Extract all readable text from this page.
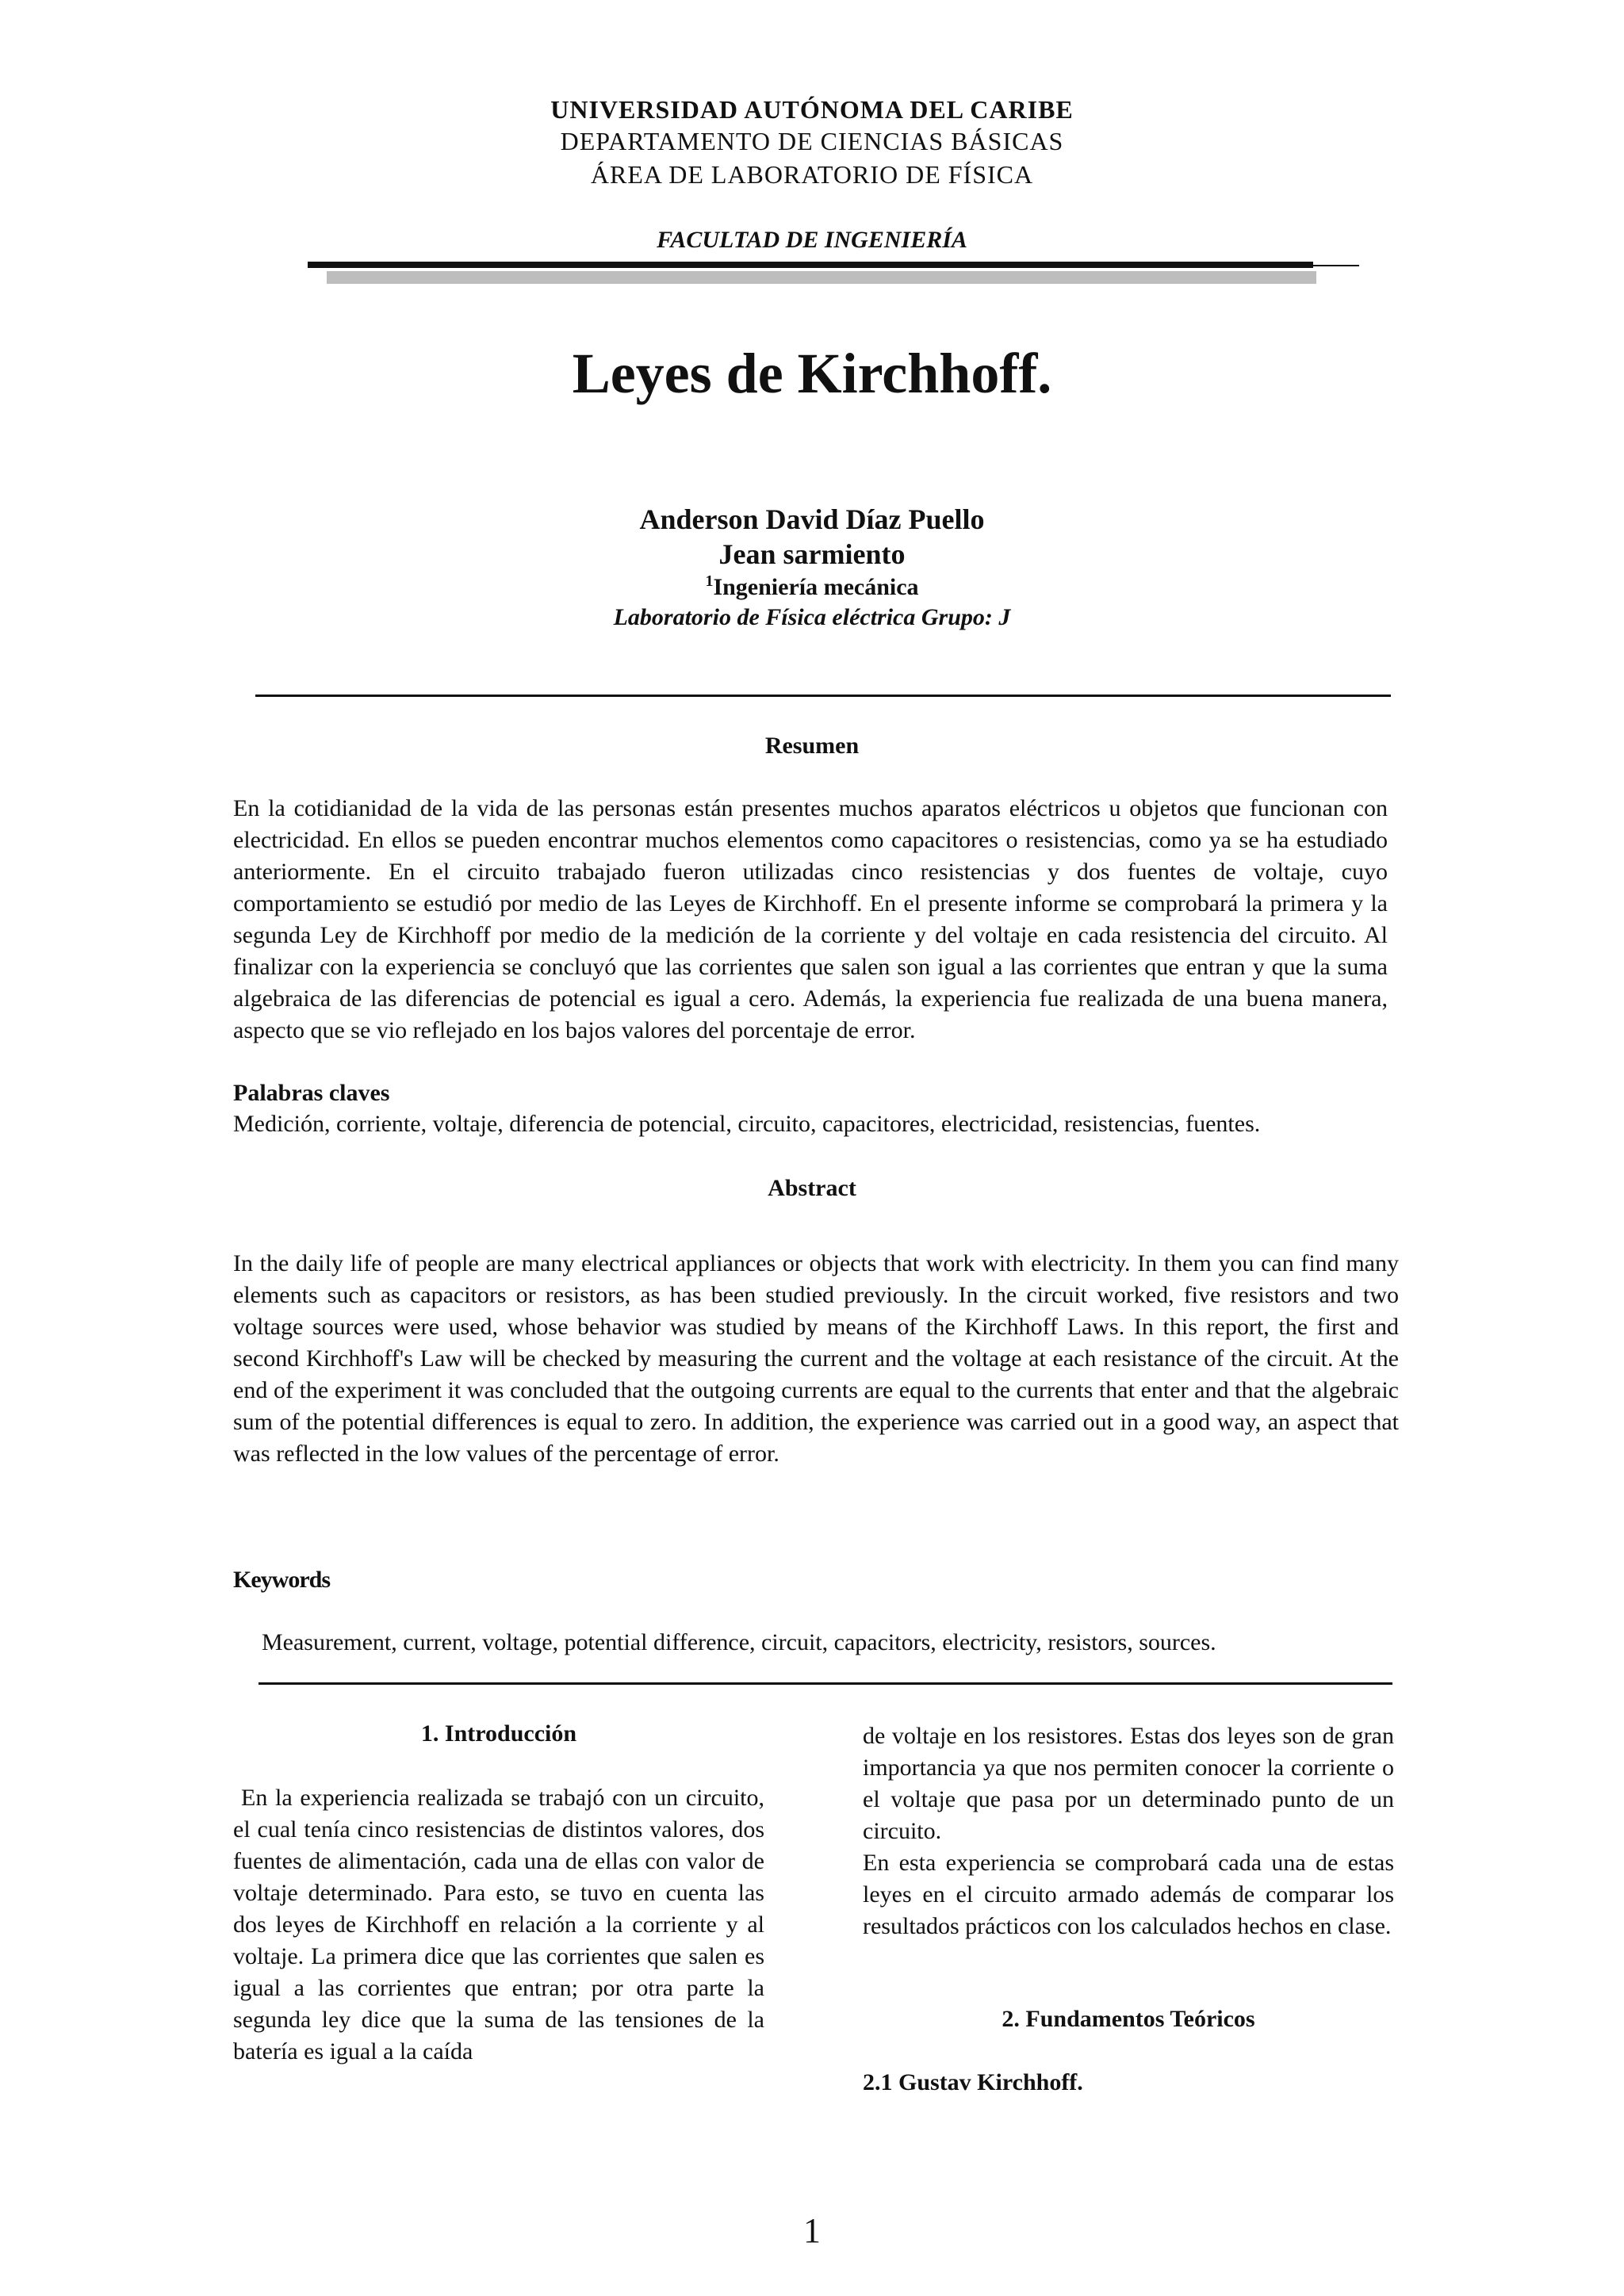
UNIVERSIDAD AUTÓNOMA DEL CARIBE
DEPARTAMENTO DE CIENCIAS BÁSICAS
ÁREA DE LABORATORIO DE FÍSICA
FACULTAD DE INGENIERÍA
Leyes de Kirchhoff.
Anderson David Díaz Puello
Jean sarmiento
$^1$Ingeniería mecánica
Laboratorio de Física eléctrica Grupo: J
Resumen
En la cotidianidad de la vida de las personas están presentes muchos aparatos eléctricos u objetos que funcionan con electricidad. En ellos se pueden encontrar muchos elementos como capacitores o resistencias, como ya se ha estudiado anteriormente. En el circuito trabajado fueron utilizadas cinco resistencias y dos fuentes de voltaje, cuyo comportamiento se estudió por medio de las Leyes de Kirchhoff. En el presente informe se comprobará la primera y la segunda Ley de Kirchhoff por medio de la medición de la corriente y del voltaje en cada resistencia del circuito. Al finalizar con la experiencia se concluyó que las corrientes que salen son igual a las corrientes que entran y que la suma algebraica de las diferencias de potencial es igual a cero. Además, la experiencia fue realizada de una buena manera, aspecto que se vio reflejado en los bajos valores del porcentaje de error.
Palabras claves
Medición, corriente, voltaje, diferencia de potencial, circuito, capacitores, electricidad, resistencias, fuentes.
Abstract
In the daily life of people are many electrical appliances or objects that work with electricity. In them you can find many elements such as capacitors or resistors, as has been studied previously. In the circuit worked, five resistors and two voltage sources were used, whose behavior was studied by means of the Kirchhoff Laws. In this report, the first and second Kirchhoff's Law will be checked by measuring the current and the voltage at each resistance of the circuit. At the end of the experiment it was concluded that the outgoing currents are equal to the currents that enter and that the algebraic sum of the potential differences is equal to zero. In addition, the experience was carried out in a good way, an aspect that was reflected in the low values of the percentage of error.
Keywords
Measurement, current, voltage, potential difference, circuit, capacitors, electricity, resistors, sources.
1. Introducción
En la experiencia realizada se trabajó con un circuito, el cual tenía cinco resistencias de distintos valores, dos fuentes de alimentación, cada una de ellas con valor de voltaje determinado. Para esto, se tuvo en cuenta las dos leyes de Kirchhoff en relación a la corriente y al voltaje. La primera dice que las corrientes que salen es igual a las corrientes que entran; por otra parte la segunda ley dice que la suma de las tensiones de la batería es igual a la caída
de voltaje en los resistores. Estas dos leyes son de gran importancia ya que nos permiten conocer la corriente o el voltaje que pasa por un determinado punto de un circuito.
En esta experiencia se comprobará cada una de estas leyes en el circuito armado además de comparar los resultados prácticos con los calculados hechos en clase.
2. Fundamentos Teóricos
2.1 Gustav Kirchhoff.
1
